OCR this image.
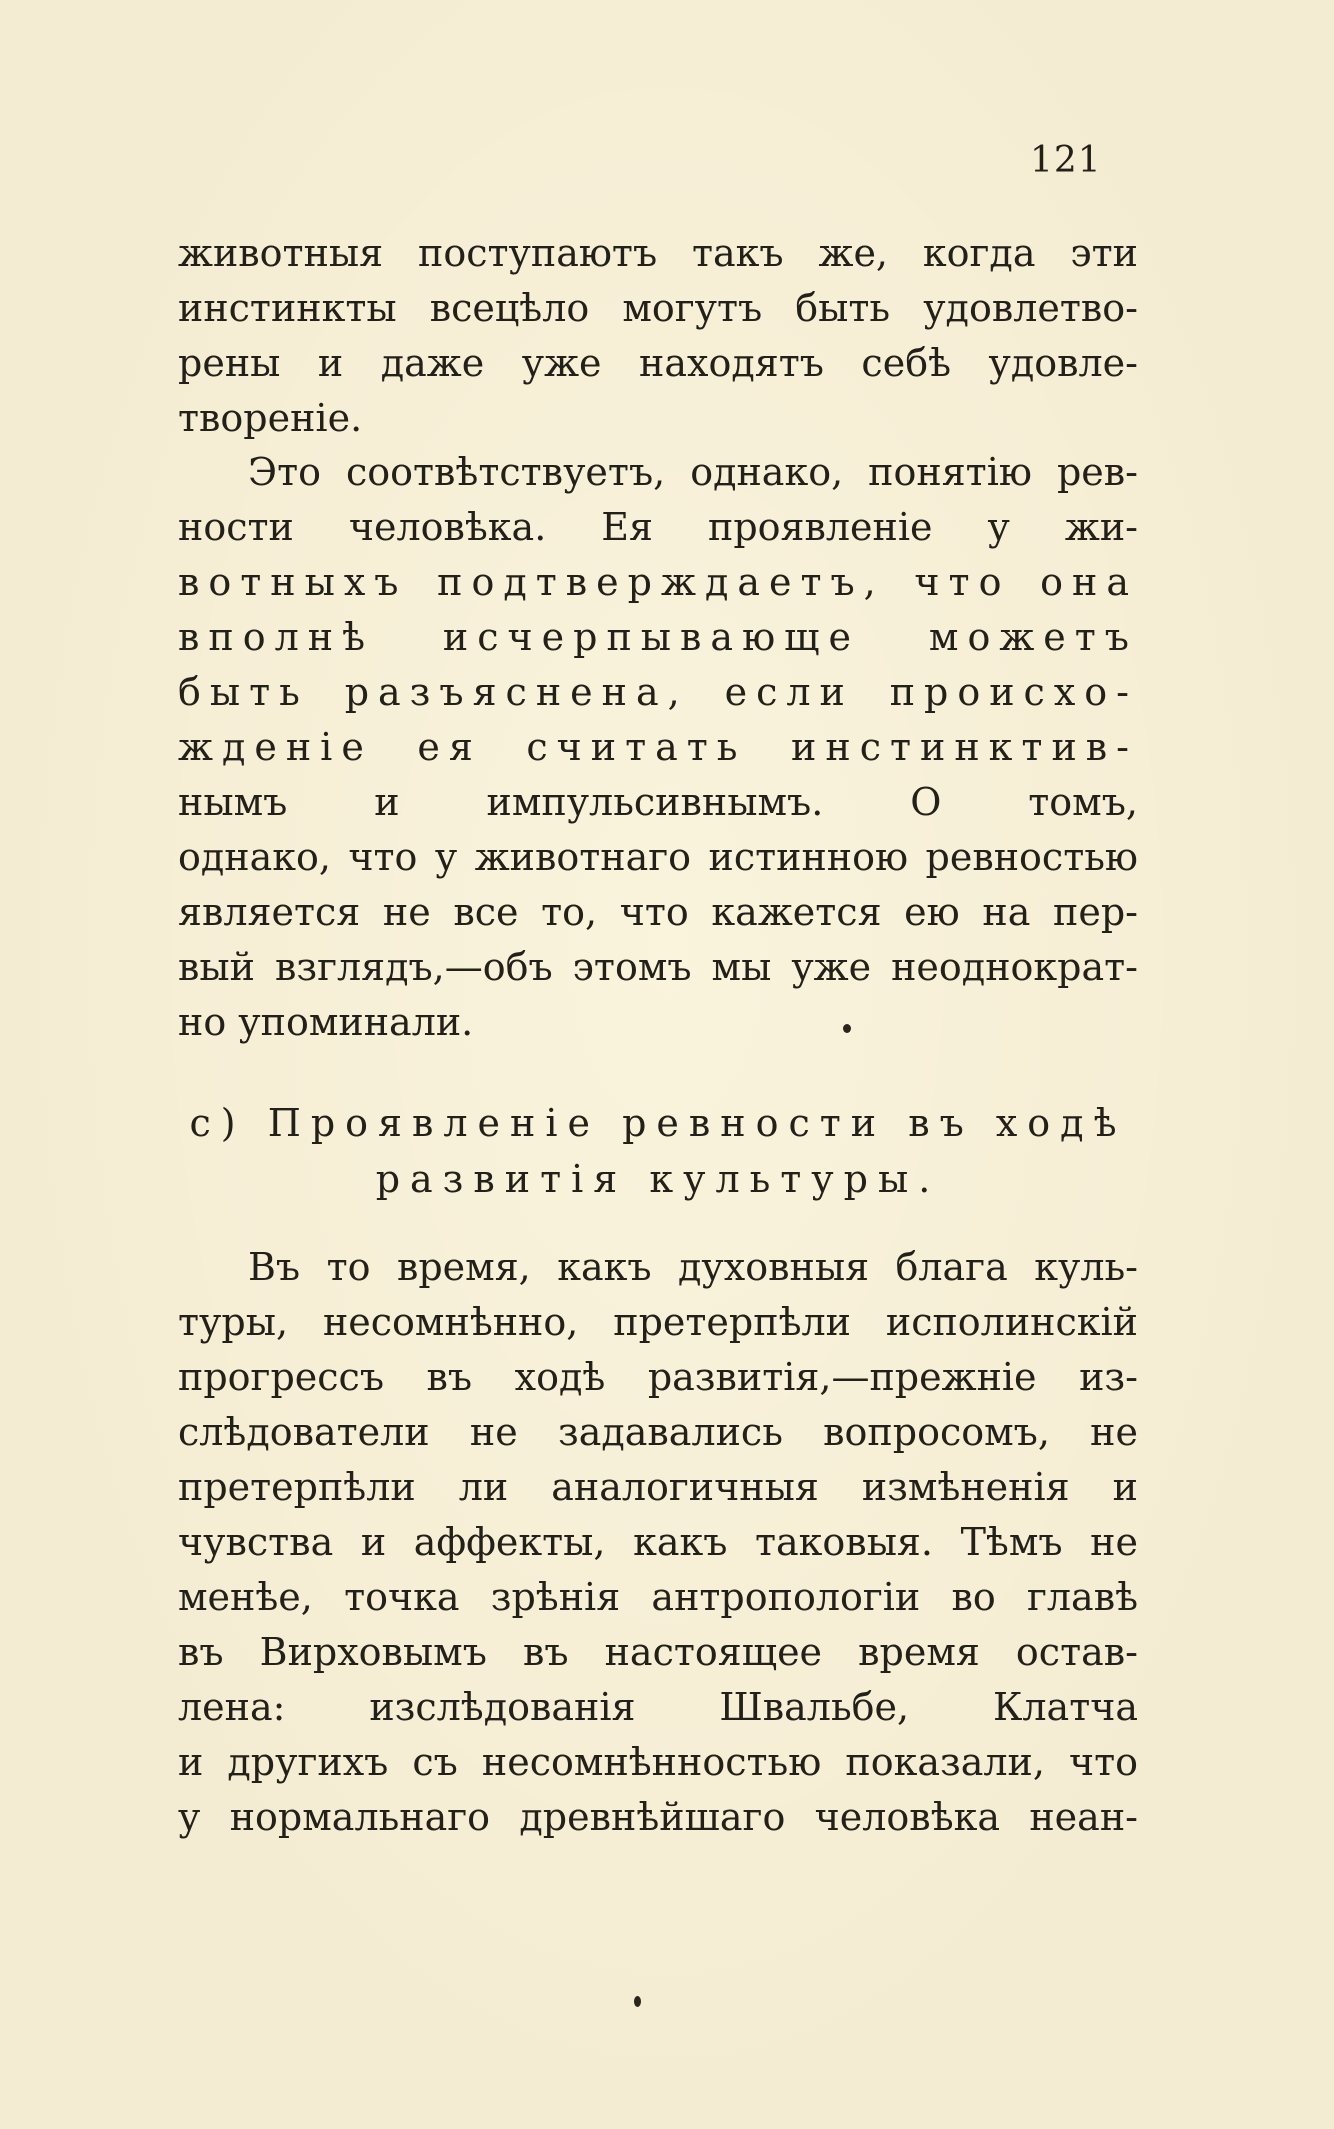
121
животныя поступаютъ такъ же, когда эти
инстинкты всецѣло могутъ быть удовлетво-
рены и даже уже находятъ себѣ удовле-
твореніе.
Это соотвѣтствуетъ, однако, понятію рев-
ности человѣка. Ея проявленіе у жи-
вотныхъ подтверждаетъ, что она
вполнѣ исчерпывающе можетъ
быть разъяснена, если происхо-
жденіе ея считать инстинктив-
нымъ и импульсивнымъ. О томъ,
однако, что у животнаго истинною ревностью
является не все то, что кажется ею на пер-
вый взглядъ,—объ этомъ мы уже неоднократ-
но упоминали.
c) Проявленіе ревности въ ходѣ
развитія культуры.
Въ то время, какъ духовныя блага куль-
туры, несомнѣнно, претерпѣли исполинскій
прогрессъ въ ходѣ развитія,—прежніе из-
слѣдователи не задавались вопросомъ, не
претерпѣли ли аналогичныя измѣненія и
чувства и аффекты, какъ таковыя. Тѣмъ не
менѣе, точка зрѣнія антропологіи во главѣ
въ Вирховымъ въ настоящее время остав-
лена: изслѣдованія Швальбе, Клатча
и другихъ съ несомнѣнностью показали, что
у нормальнаго древнѣйшаго человѣка неан-
